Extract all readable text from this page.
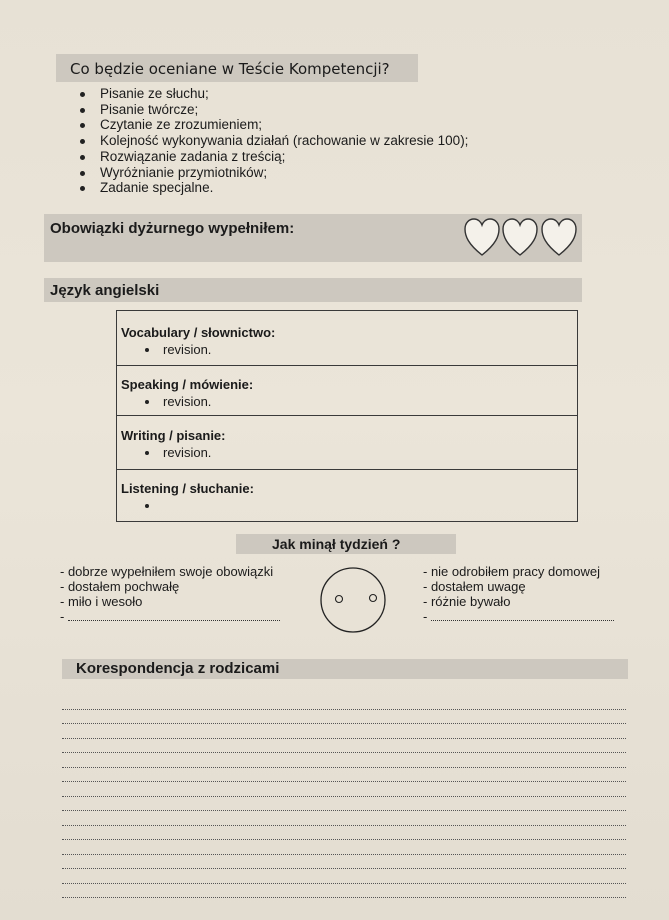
Co będzie oceniane w Teście Kompetencji?
Pisanie ze słuchu;
Pisanie twórcze;
Czytanie ze zrozumieniem;
Kolejność wykonywania działań (rachowanie w zakresie 100);
Rozwiązanie zadania z treścią;
Wyróżnianie przymiotników;
Zadanie specjalne.
Obowiązki dyżurnego wypełniłem:
Język angielski
Vocabulary / słownictwo:
revision.
Speaking / mówienie:
revision.
Writing / pisanie:
revision.
Listening / słuchanie:
Jak minął tydzień ?
- dobrze wypełniłem swoje obowiązki
- dostałem pochwałę
- miło i wesoło
-
- nie odrobiłem pracy domowej
- dostałem uwagę
- różnie bywało
-
Korespondencja z rodzicami
